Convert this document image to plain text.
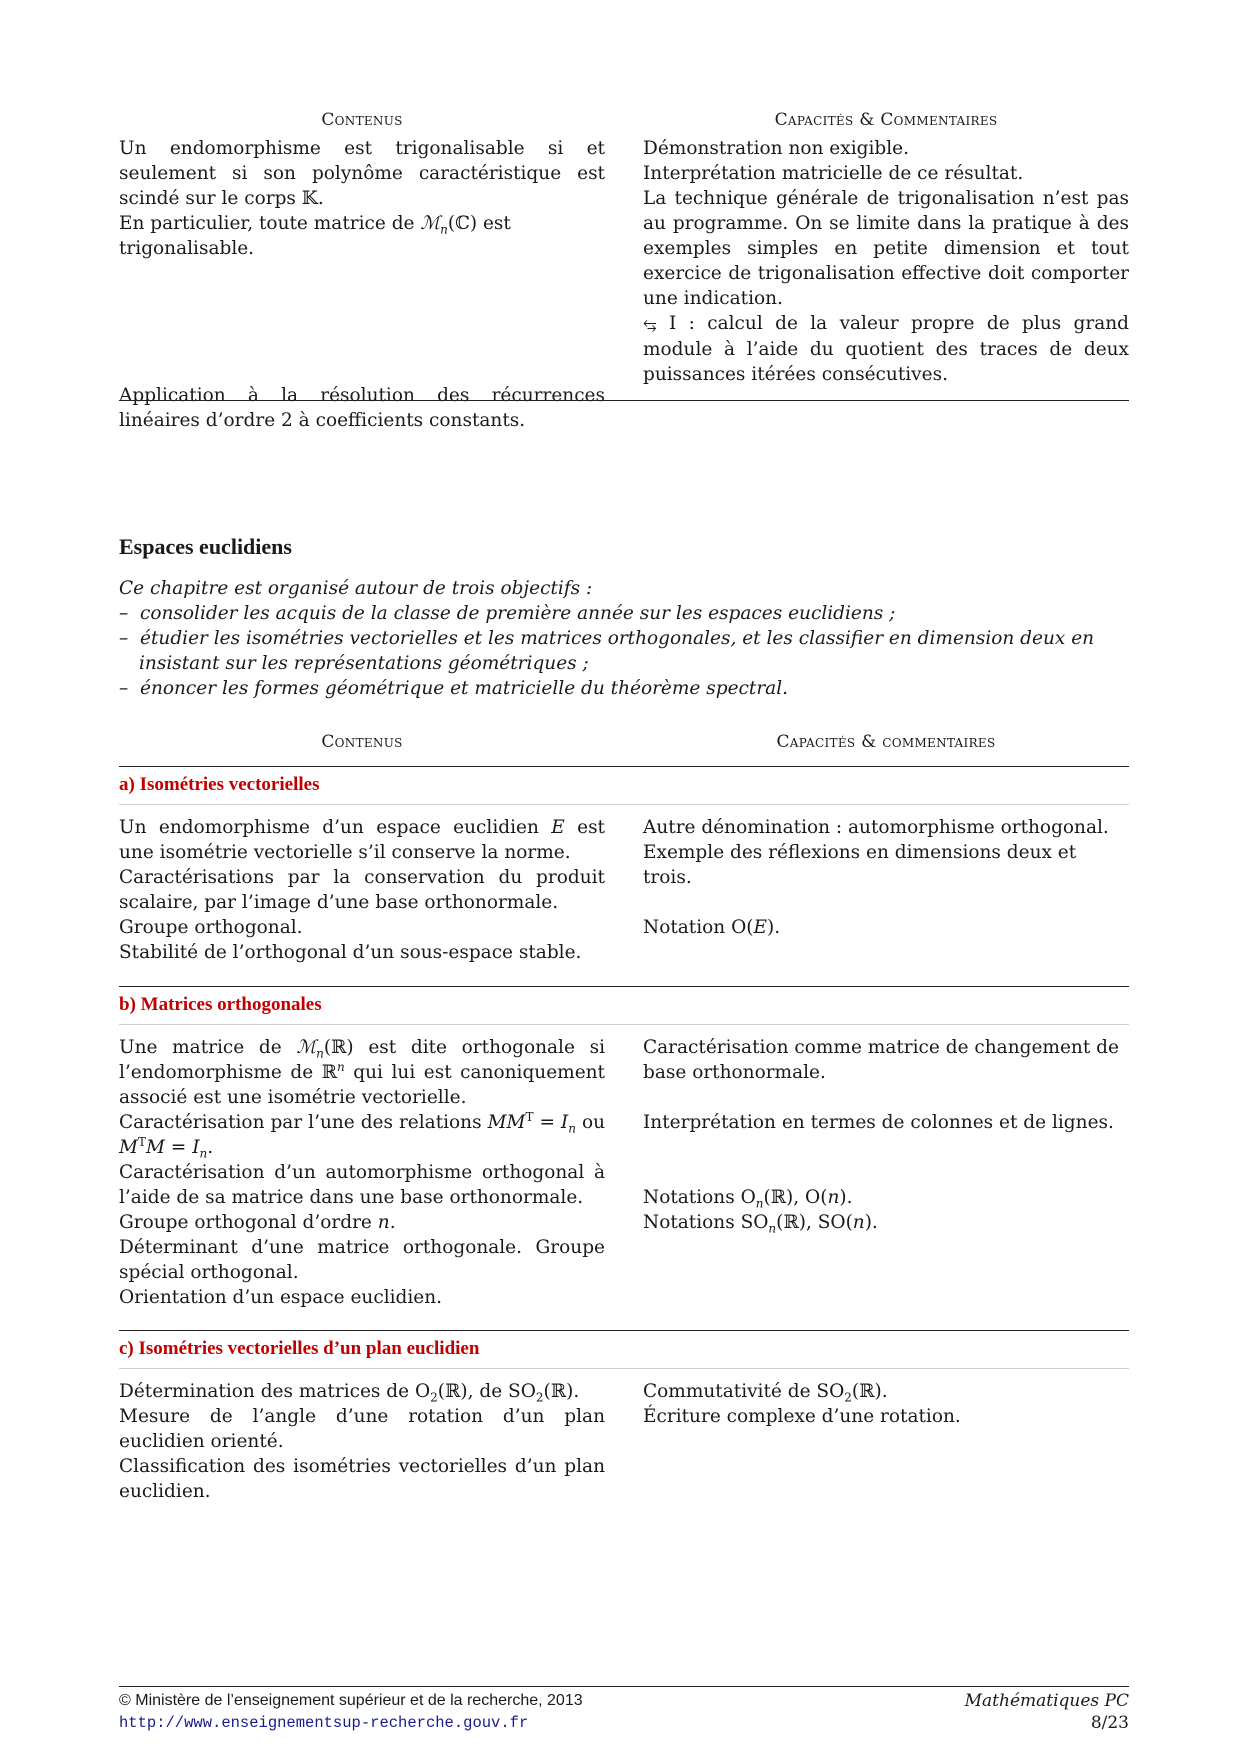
Contenus	Capacités & Commentaires
Un endomorphisme est trigonalisable si et seulement si son polynôme caractéristique est scindé sur le corps 𝕂.
En particulier, toute matrice de ℳ$_n$(ℂ) est trigonalisable.
Application à la résolution des récurrences linéaires d’ordre 2 à coefficients constants.
Démonstration non exigible.
Interprétation matricielle de ce résultat.
La technique générale de trigonalisation n’est pas au programme. On se limite dans la pratique à des exemples simples en petite dimension et tout exercice de trigonalisation effective doit comporter une indication.
⥃ I : calcul de la valeur propre de plus grand module à l’aide du quotient des traces de deux puissances itérées consécutives.
Espaces euclidiens
Ce chapitre est organisé autour de trois objectifs :
–  consolider les acquis de la classe de première année sur les espaces euclidiens ;
–  étudier les isométries vectorielles et les matrices orthogonales, et les classifier en dimension deux en insistant sur les représentations géométriques ;
–  énoncer les formes géométrique et matricielle du théorème spectral.
Contenus	Capacités & commentaires
a) Isométries vectorielles
Un endomorphisme d’un espace euclidien E est une isométrie vectorielle s’il conserve la norme.
Caractérisations par la conservation du produit scalaire, par l’image d’une base orthonormale.
Groupe orthogonal.
Stabilité de l’orthogonal d’un sous-espace stable.
Autre dénomination : automorphisme orthogonal.
Exemple des réflexions en dimensions deux et trois.
Notation O(E).
b) Matrices orthogonales
Une matrice de ℳ$_n$(ℝ) est dite orthogonale si l’endomorphisme de ℝ$^n$ qui lui est canoniquement associé est une isométrie vectorielle.
Caractérisation par l’une des relations $MM^T = I_n$ ou $M^TM = I_n$.
Caractérisation d’un automorphisme orthogonal à l’aide de sa matrice dans une base orthonormale.
Groupe orthogonal d’ordre n.
Déterminant d’une matrice orthogonale. Groupe spécial orthogonal.
Orientation d’un espace euclidien.
Caractérisation comme matrice de changement de base orthonormale.
Interprétation en termes de colonnes et de lignes.
Notations $O_n(ℝ)$, O(n).
Notations $SO_n(ℝ)$, SO(n).
c) Isométries vectorielles d’un plan euclidien
Détermination des matrices de $O_2(ℝ)$, de $SO_2(ℝ)$.
Mesure de l’angle d’une rotation d’un plan euclidien orienté.
Classification des isométries vectorielles d’un plan euclidien.
Commutativité de $SO_2(ℝ)$.
Écriture complexe d’une rotation.
© Ministère de l’enseignement supérieur et de la recherche, 2013
http://www.enseignementsup-recherche.gouv.fr
Mathématiques PC
8/23
